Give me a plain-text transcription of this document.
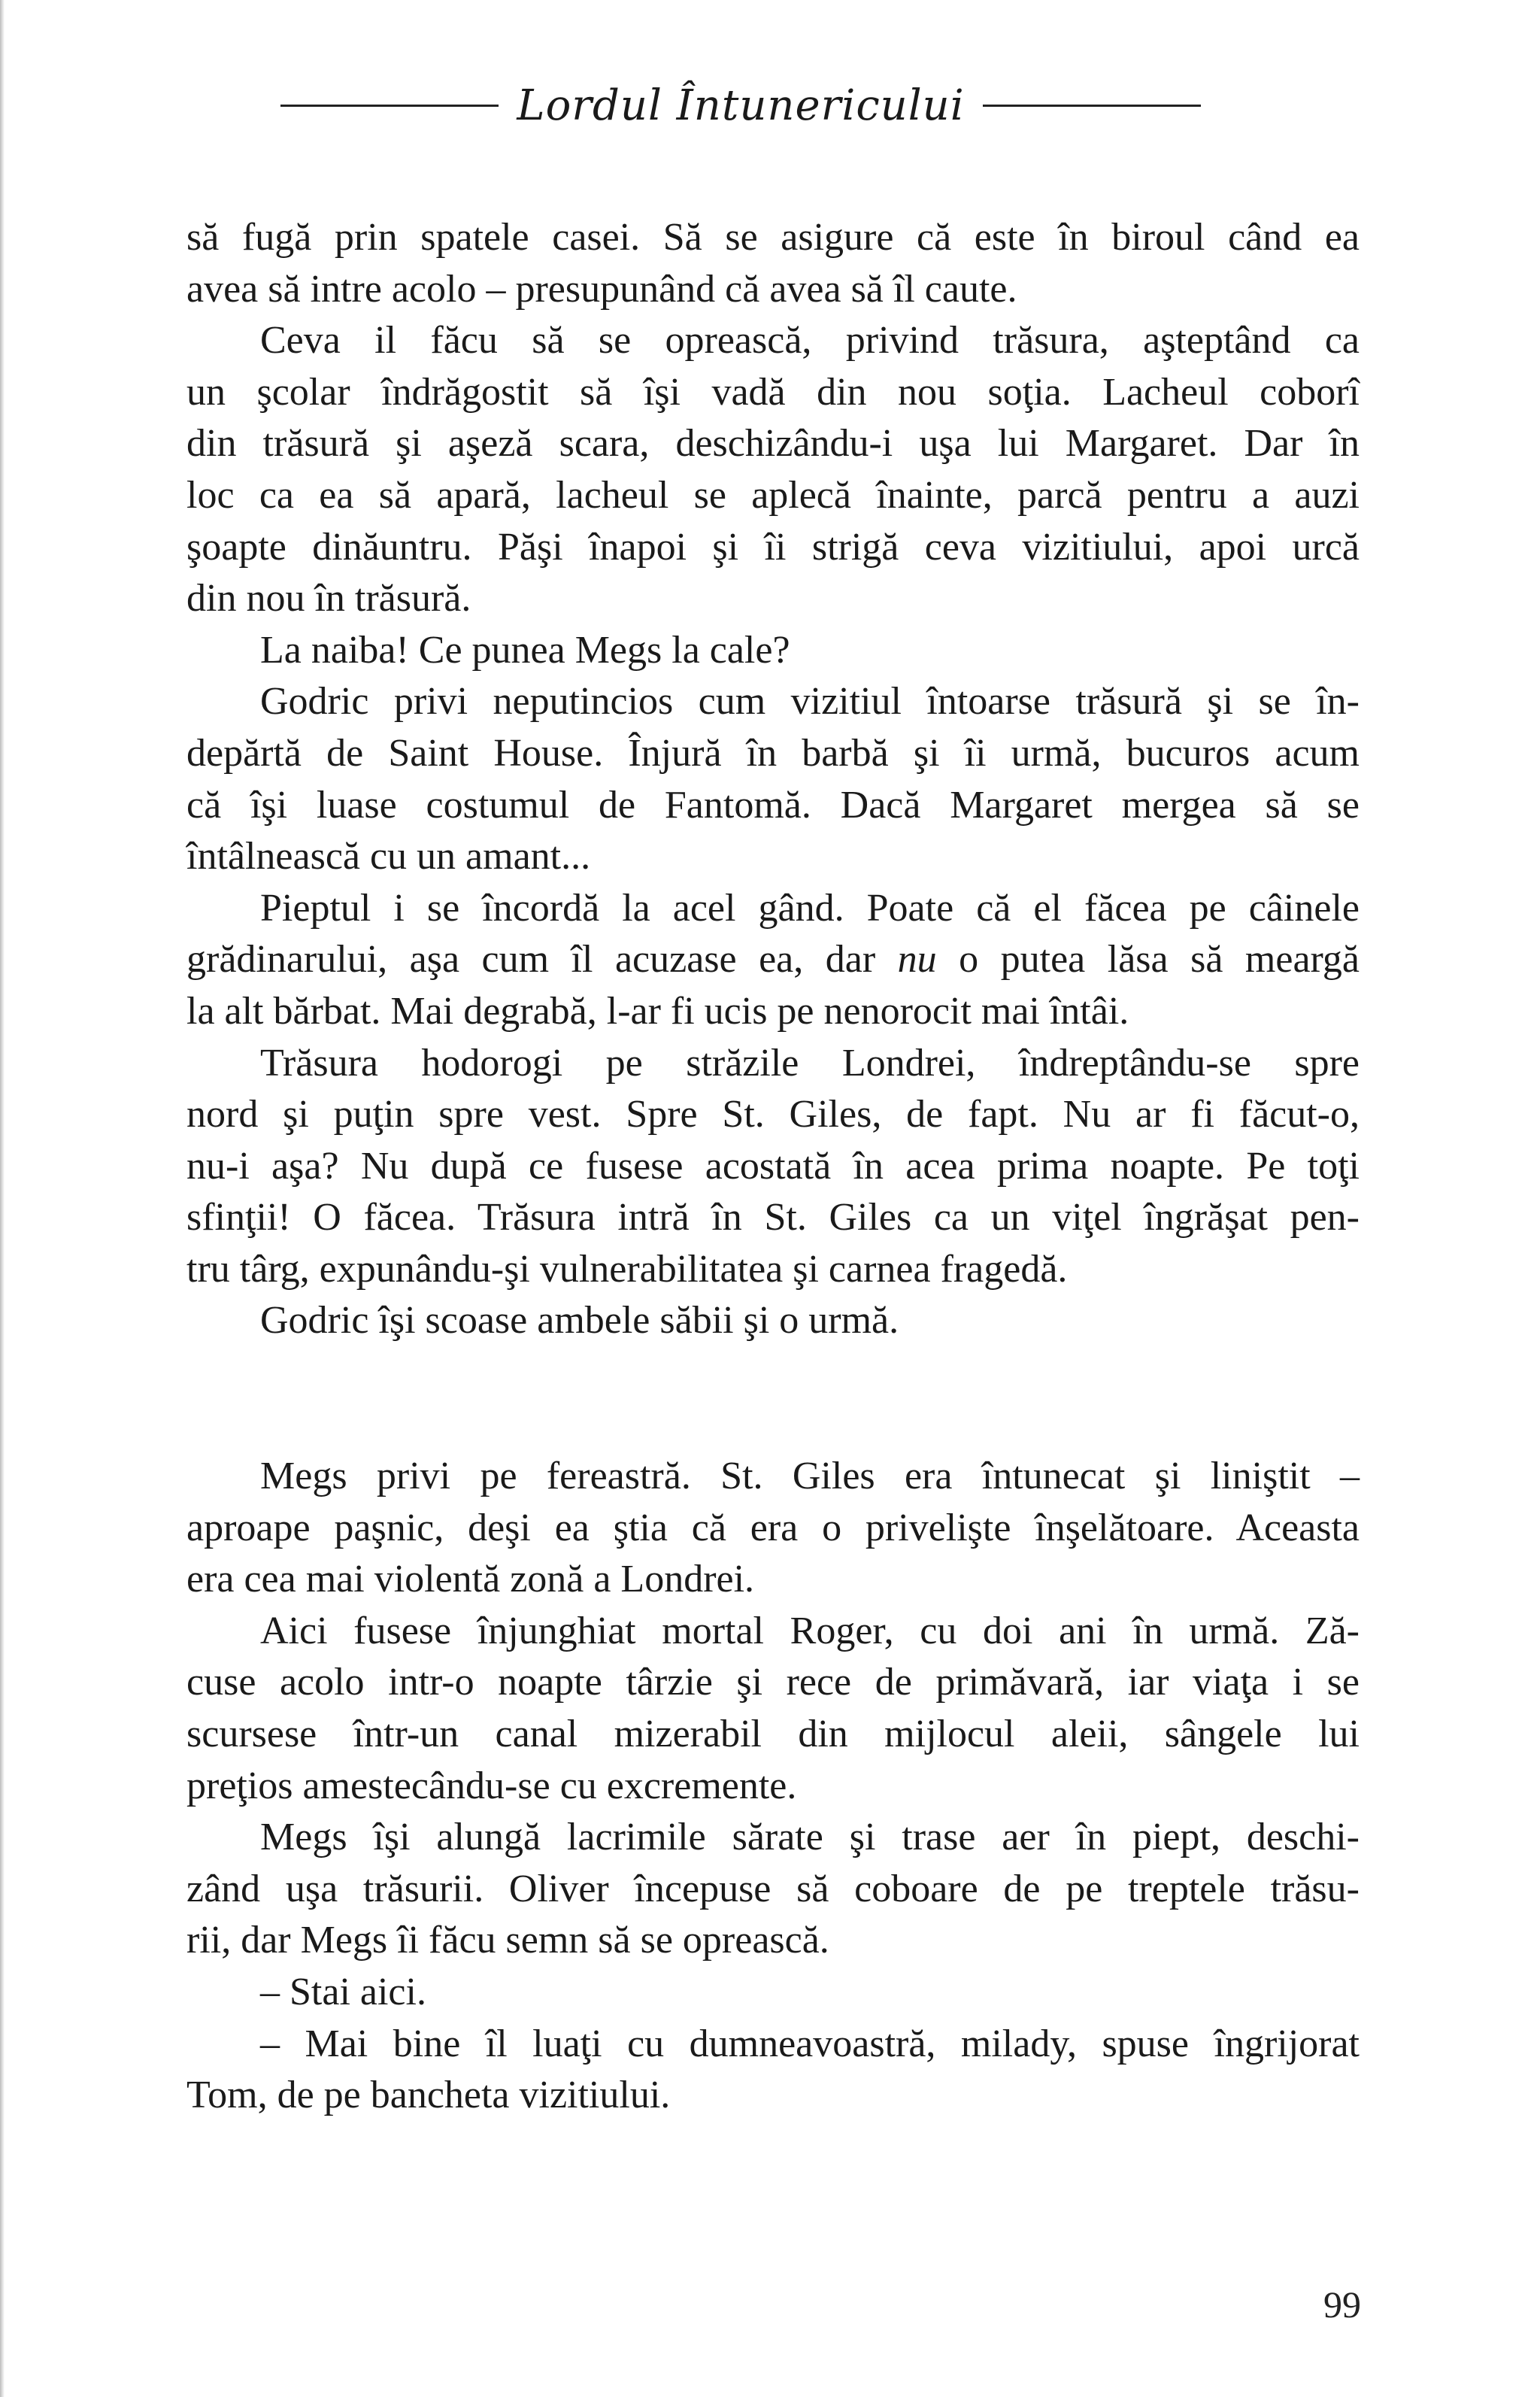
Lordul Întunericului
să fugă prin spatele casei. Să se asigure că este în biroul când ea
avea să intre acolo – presupunând că avea să îl caute.
Ceva il făcu să se oprească, privind trăsura, aşteptând ca
un şcolar îndrăgostit să îşi vadă din nou soţia. Lacheul coborî
din trăsură şi aşeză scara, deschizându-i uşa lui Margaret. Dar în
loc ca ea să apară, lacheul se aplecă înainte, parcă pentru a auzi
şoapte dinăuntru. Păşi înapoi şi îi strigă ceva vizitiului, apoi urcă
din nou în trăsură.
La naiba! Ce punea Megs la cale?
Godric privi neputincios cum vizitiul întoarse trăsură şi se în-
depărtă de Saint House. Înjură în barbă şi îi urmă, bucuros acum
că îşi luase costumul de Fantomă. Dacă Margaret mergea să se
întâlnească cu un amant...
Pieptul i se încordă la acel gând. Poate că el făcea pe câinele
grădinarului, aşa cum îl acuzase ea, dar nu o putea lăsa să meargă
la alt bărbat. Mai degrabă, l-ar fi ucis pe nenorocit mai întâi.
Trăsura hodorogi pe străzile Londrei, îndreptându-se spre
nord şi puţin spre vest. Spre St. Giles, de fapt. Nu ar fi făcut-o,
nu-i aşa? Nu după ce fusese acostată în acea prima noapte. Pe toţi
sfinţii! O făcea. Trăsura intră în St. Giles ca un viţel îngrăşat pen-
tru târg, expunându-şi vulnerabilitatea şi carnea fragedă.
Godric îşi scoase ambele săbii şi o urmă.
Megs privi pe fereastră. St. Giles era întunecat şi liniştit –
aproape paşnic, deşi ea ştia că era o privelişte înşelătoare. Aceasta
era cea mai violentă zonă a Londrei.
Aici fusese înjunghiat mortal Roger, cu doi ani în urmă. Ză-
cuse acolo intr-o noapte târzie şi rece de primăvară, iar viaţa i se
scursese într-un canal mizerabil din mijlocul aleii, sângele lui
preţios amestecându-se cu excremente.
Megs îşi alungă lacrimile sărate şi trase aer în piept, deschi-
zând uşa trăsurii. Oliver începuse să coboare de pe treptele trăsu-
rii, dar Megs îi făcu semn să se oprească.
– Stai aici.
– Mai bine îl luaţi cu dumneavoastră, milady, spuse îngrijorat
Tom, de pe bancheta vizitiului.
99
